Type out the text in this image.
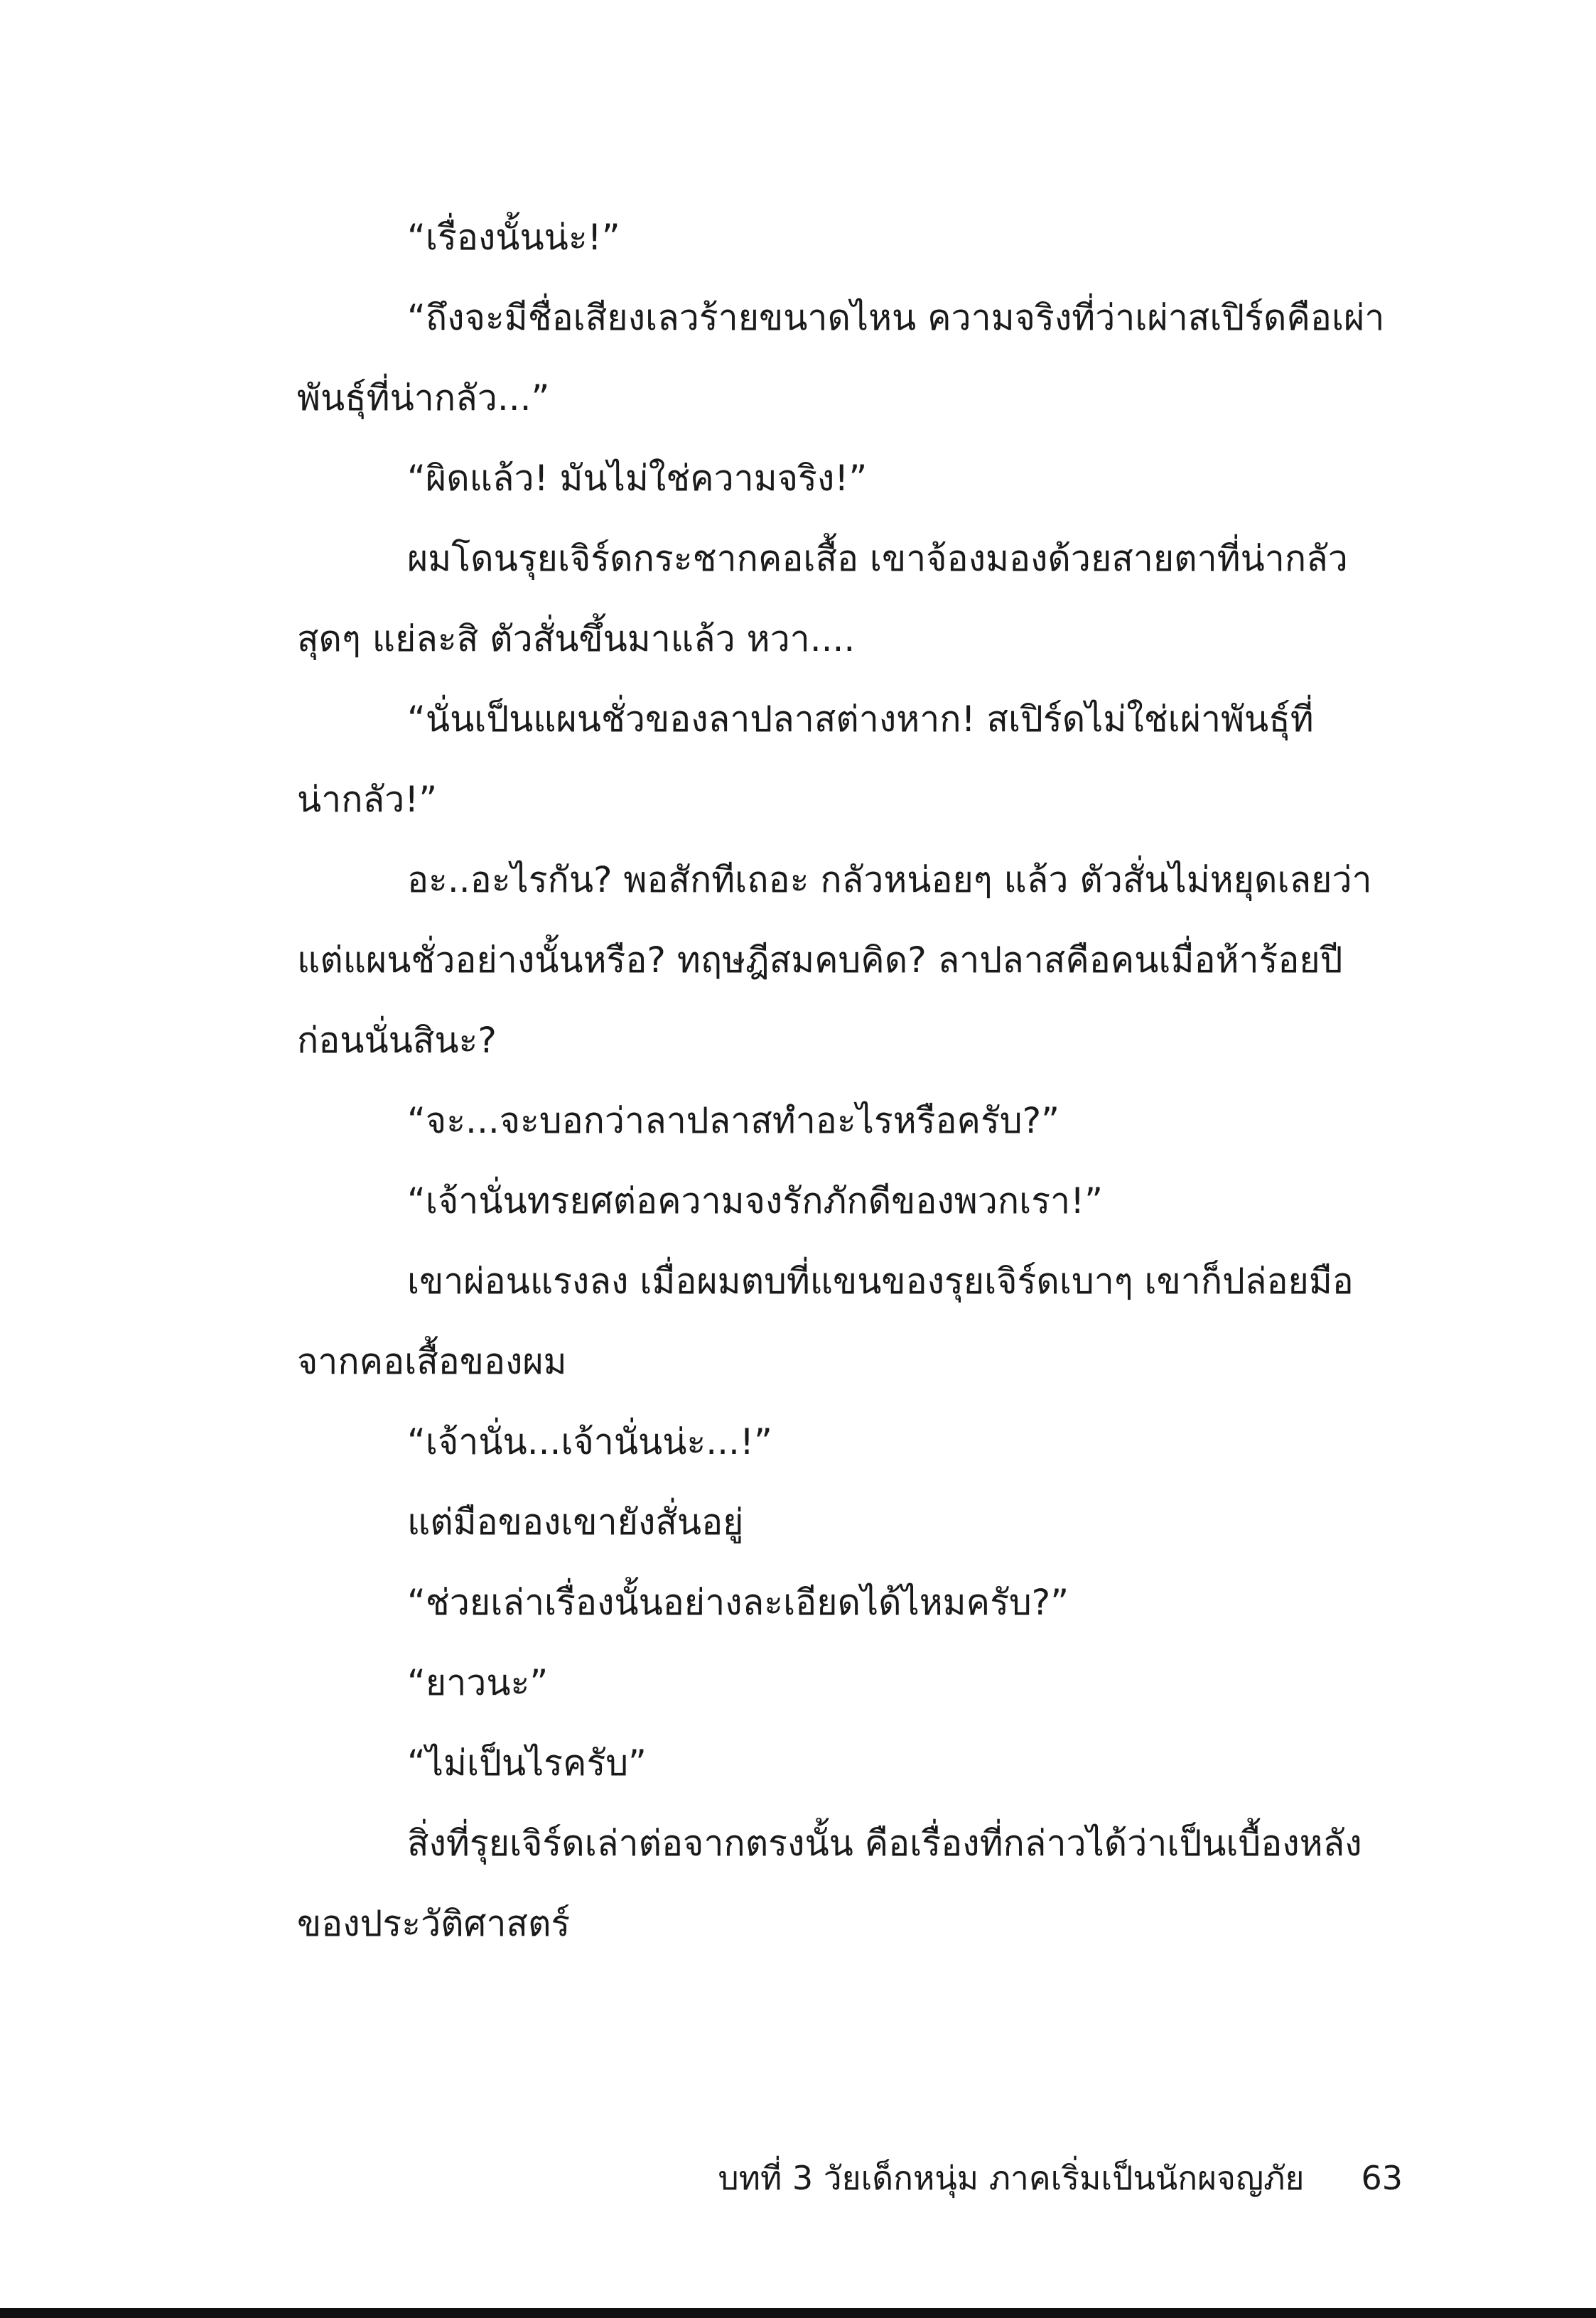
“เรื่องนั้นน่ะ!”
“ถึงจะมีชื่อเสียงเลวร้ายขนาดไหน ความจริงที่ว่าเผ่าสเปิร์ดคือเผ่า
พันธุ์ที่น่ากลัว...”
“ผิดแล้ว! มันไม่ใช่ความจริง!”
ผมโดนรุยเจิร์ดกระชากคอเสื้อ เขาจ้องมองด้วยสายตาที่น่ากลัว
สุดๆ แย่ละสิ ตัวสั่นขึ้นมาแล้ว หวา....
“นั่นเป็นแผนชั่วของลาปลาสต่างหาก! สเปิร์ดไม่ใช่เผ่าพันธุ์ที่
น่ากลัว!”
อะ..อะไรกัน? พอสักทีเถอะ กลัวหน่อยๆ แล้ว ตัวสั่นไม่หยุดเลยว่า
แต่แผนชั่วอย่างนั้นหรือ? ทฤษฎีสมคบคิด? ลาปลาสคือคนเมื่อห้าร้อยปี
ก่อนนั่นสินะ?
“จะ...จะบอกว่าลาปลาสทำอะไรหรือครับ?”
“เจ้านั่นทรยศต่อความจงรักภักดีของพวกเรา!”
เขาผ่อนแรงลง เมื่อผมตบที่แขนของรุยเจิร์ดเบาๆ เขาก็ปล่อยมือ
จากคอเสื้อของผม
“เจ้านั่น...เจ้านั่นน่ะ...!”
แต่มือของเขายังสั่นอยู่
“ช่วยเล่าเรื่องนั้นอย่างละเอียดได้ไหมครับ?”
“ยาวนะ”
“ไม่เป็นไรครับ”
สิ่งที่รุยเจิร์ดเล่าต่อจากตรงนั้น คือเรื่องที่กล่าวได้ว่าเป็นเบื้องหลัง
ของประวัติศาสตร์
บทที่ 3 วัยเด็กหนุ่ม ภาคเริ่มเป็นนักผจญภัย 63
